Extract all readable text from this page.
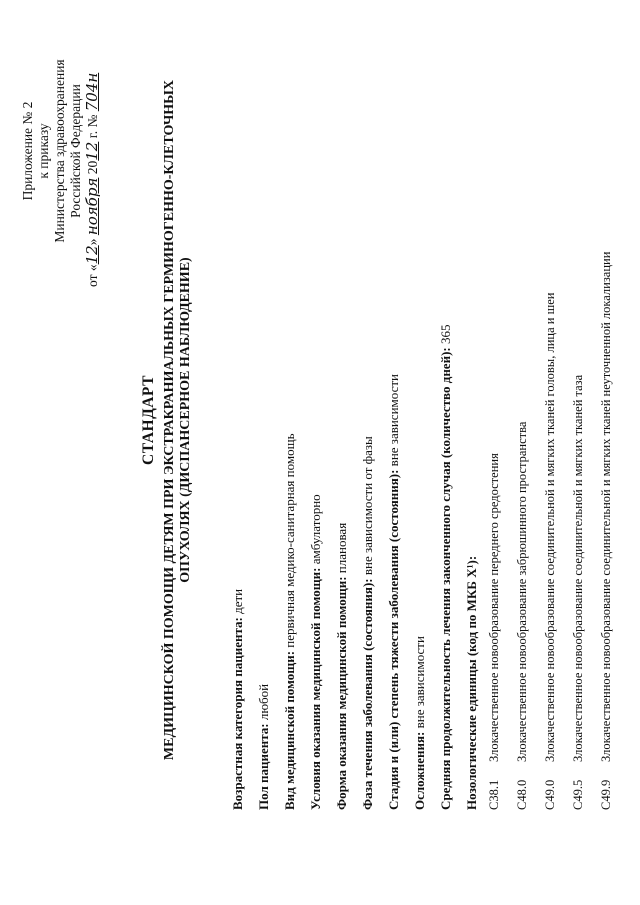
Приложение № 2 к приказу Министерства здравоохранения Российской Федерации
от «12» ноября 2012 г. № 704н
СТАНДАРТ МЕДИЦИНСКОЙ ПОМОЩИ ДЕТЯМ ПРИ ЭКСТРАКРАНИАЛЬНЫХ ГЕРМИНОГЕННО-КЛЕТОЧНЫХ ОПУХОЛЯХ (ДИСПАНСЕРНОЕ НАБЛЮДЕНИЕ)
Возрастная категория пациента: дети
Пол пациента: любой Вид медицинской помощи: первичная медико-санитарная помощь
Условия оказания медицинской помощи: амбулаторно
Форма оказания медицинской помощи: плановая
Фаза течения заболевания (состояния): вне зависимости от фазы Стадия и (или) степень тяжести заболевания (состояния): вне зависимости
Осложнения: вне зависимости Средняя продолжительность лечения законченного случая (количество дней): 365
Нозологические единицы (код по МКБ X¹): C38.1
Злокачественное новообразование переднего средостения
C48.0
Злокачественное новообразование забрюшинного пространства
C49.0
Злокачественное новообразование соединительной и мягких тканей головы, лица и шеи
C49.5
Злокачественное новообразование соединительной и мягких тканей таза
C49.9
Злокачественное новообразование соединительной и мягких тканей неуточненной локализации
